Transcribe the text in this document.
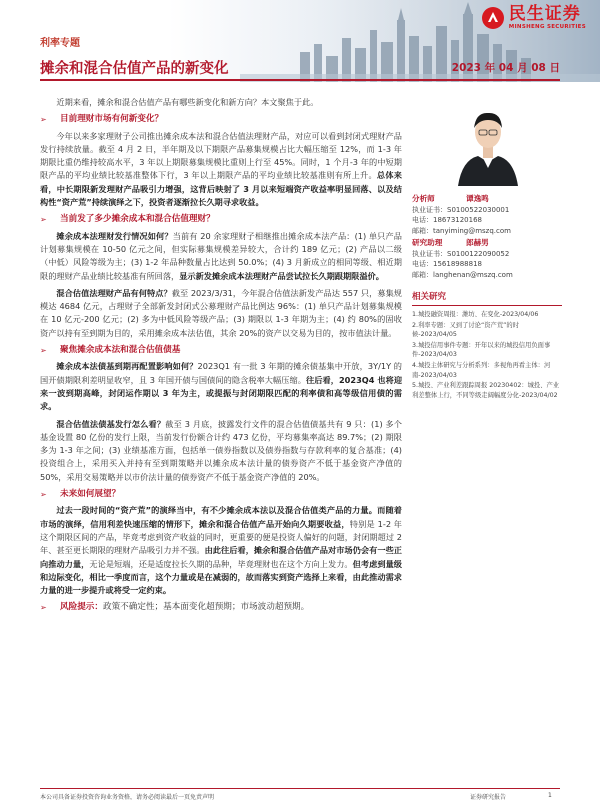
民生证券
MINSHENG SECURITIES
利率专题
摊余和混合估值产品的新变化	2023 年 04 月 08 日

近期来看，摊余和混合估值产品有哪些新变化和新方向？本文聚焦于此。

➢	目前理财市场有何新变化？

今年以来多家理财子公司推出摊余成本法和混合估值法理财产品，对应可以看到封闭式理财产品发行持续放量。截至 4 月 2 日，半年期及以下期限产品募集规模占比大幅压缩至 12%，而 1-3 年期限比重仍维持较高水平，3 年以上期限募集规模比重则上行至 45%。同时，1 个月-3 年的中短期限产品的平均业绩比较基准整体下行，3 年以上期限产品的平均业绩比较基准则有所上升。总体来看，中长期限新发理财产品吸引力增强，这背后映射了 3 月以来短端资产收益率明显回落、以及结构性“资产荒”持续演绎之下，投资者逐渐拉长久期寻求收益。

➢	当前发了多少摊余成本和混合估值理财？

摊余成本法理财发行情况如何？当前有 20 余家理财子相继推出摊余成本法产品：(1) 单只产品计划募集规模在 10-50 亿元之间，但实际募集规模差异较大，合计约 189 亿元；(2) 产品以二级（中低）风险等级为主；(3) 1-2 年品种数量占比达到 50.0%；(4) 3 月新成立的相同等级、相近期限的理财产品业绩比较基准有所回落，显示新发摊余成本法理财产品尝试拉长久期跟期限溢价。

混合估值法理财产品有何特点？截至 2023/3/31，今年混合估值法新发产品达 557 只，募集规模达 4684 亿元，占理财子全部新发封闭式公募理财产品比例达 96%：(1) 单只产品计划募集规模在 10 亿元-200 亿元；(2) 多为中低风险等级产品；(3) 期限以 1-3 年期为主；(4) 约 80%的固收资产以持有至到期为目的，采用摊余成本法估值，其余 20%的资产以交易为目的，按市值法计量。

➢	聚焦摊余成本法和混合估值债基

摊余成本法债基到期再配置影响如何？2023Q1 有一批 3 年期的摊余债基集中开放，3Y/1Y 的国开债期限利差明显收窄，且 3 年国开债与国债间的隐含税率大幅压缩。往后看，2023Q4 也将迎来一波到期高峰，封闭运作期以 3 年为主，或提振与封闭期限匹配的利率债和高等级信用债的需求。

混合估值法债基发行怎么看？截至 3 月底，披露发行文件的混合估值债基共有 9 只：(1) 多个基金设置 80 亿份的发行上限，当前发行份额合计约 473 亿份，平均募集率高达 89.7%；(2) 期限多为 1-3 年之间；(3) 业绩基准方面，包括单一债券指数以及债券指数与存款利率的复合基准；(4) 投资组合上，采用买入并持有至到期策略并以摊余成本法计量的债券资产不低于基金资产净值的 50%，采用交易策略并以市价法计量的债券资产不低于基金资产净值的 20%。

➢	未来如何展望？

过去一段时间的“资产荒”的演绎当中，有不少摊余成本法以及混合估值类产品的力量。而随着市场的演绎，信用利差快速压缩的情形下，摊余和混合估值产品开始向久期要收益，特别是 1-2 年这个期限区间的产品，毕竟考虑到资产收益的同时，更重要的便是投资人偏好的问题，封闭期超过 2 年、甚至更长期限的理财产品吸引力并不强。由此往后看，摊余和混合估值产品对市场仍会有一些正向推动力量，无论是短端，还是适度拉长久期的品种，毕竟理财也在这个方向上发力。但考虑到量级和边际变化，相比一季度而言，这个力量或是在减弱的，故而落实到资产选择上来看，由此推动需求力量的进一步提升或将受一定约束。

➢	风险提示： 政策不确定性；基本面变化超预期；市场波动超预期。
分析师	谭逸鸣
执业证书：S0100522030001
电话：18673120168
邮箱：tanyiming@mszq.com
研究助理	郎赫男
执业证书：S0100122090052
电话：15618988818
邮箱：langhenan@mszq.com
相关研究
1.城投融资周报：潍坊、在变化-2023/04/06
2.利率专题：又到了讨论“资产荒”的时候-2023/04/05
3.城投信用事件专题：开年以来的城投信用负面事件-2023/04/03
4.城投主体研究与分析系列：多视角再看主体：河南-2023/04/03
5.城投、产业利差跟踪周报 20230402：城投、产业利差整体上行，不同等级走阔幅度分化-2023/04/02
本公司具备证券投资咨询业务资格，请务必阅读最后一页免责声明	证券研究报告	1
